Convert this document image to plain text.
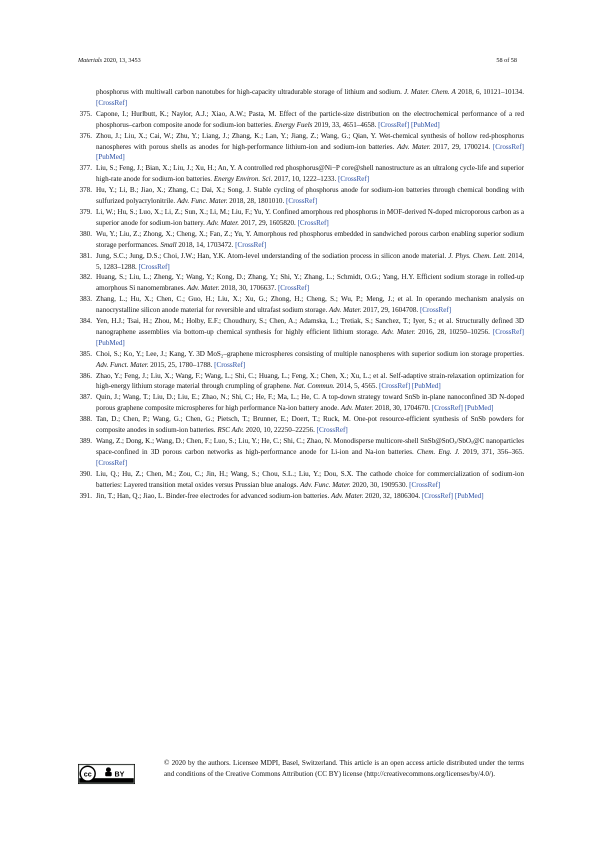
Materials 2020, 13, 3453	58 of 58
phosphorus with multiwall carbon nanotubes for high-capacity ultradurable storage of lithium and sodium. J. Mater. Chem. A 2018, 6, 10121–10134. [CrossRef]
375. Capone, I.; Hurlbutt, K.; Naylor, A.J.; Xiao, A.W.; Pasta, M. Effect of the particle-size distribution on the electrochemical performance of a red phosphorus–carbon composite anode for sodium-ion batteries. Energy Fuels 2019, 33, 4651–4658. [CrossRef] [PubMed]
376. Zhou, J.; Liu, X.; Cai, W.; Zhu, Y.; Liang, J.; Zhang, K.; Lan, Y.; Jiang, Z.; Wang, G.; Qian, Y. Wet-chemical synthesis of hollow red-phosphorus nanospheres with porous shells as anodes for high-performance lithium-ion and sodium-ion batteries. Adv. Mater. 2017, 29, 1700214. [CrossRef] [PubMed]
377. Liu, S.; Feng, J.; Bian, X.; Liu, J.; Xu, H.; An, Y. A controlled red phosphorus@Ni−P core@shell nanostructure as an ultralong cycle-life and superior high-rate anode for sodium-ion batteries. Energy Environ. Sci. 2017, 10, 1222–1233. [CrossRef]
378. Hu, Y.; Li, B.; Jiao, X.; Zhang, C.; Dai, X.; Song, J. Stable cycling of phosphorus anode for sodium-ion batteries through chemical bonding with sulfurized polyacrylonitrile. Adv. Func. Mater. 2018, 28, 1801010. [CrossRef]
379. Li, W.; Hu, S.; Luo, X.; Li, Z.; Sun, X.; Li, M.; Liu, F.; Yu, Y. Confined amorphous red phosphorus in MOF-derived N-doped microporous carbon as a superior anode for sodium-ion battery. Adv. Mater. 2017, 29, 1605820. [CrossRef]
380. Wu, Y.; Liu, Z.; Zhong, X.; Cheng, X.; Fan, Z.; Yu, Y. Amorphous red phosphorus embedded in sandwiched porous carbon enabling superior sodium storage performances. Small 2018, 14, 1703472. [CrossRef]
381. Jung, S.C.; Jung, D.S.; Choi, J.W.; Han, Y.K. Atom-level understanding of the sodiation process in silicon anode material. J. Phys. Chem. Lett. 2014, 5, 1283–1288. [CrossRef]
382. Huang, S.; Liu, L.; Zheng, Y.; Wang, Y.; Kong, D.; Zhang, Y.; Shi, Y.; Zhang, L.; Schmidt, O.G.; Yang, H.Y. Efficient sodium storage in rolled-up amorphous Si nanomembranes. Adv. Mater. 2018, 30, 1706637. [CrossRef]
383. Zhang, L.; Hu, X.; Chen, C.; Guo, H.; Liu, X.; Xu, G.; Zhong, H.; Cheng, S.; Wu, P.; Meng, J.; et al. In operando mechanism analysis on nanocrystalline silicon anode material for reversible and ultrafast sodium storage. Adv. Mater. 2017, 29, 1604708. [CrossRef]
384. Yen, H.J.; Tsai, H.; Zhou, M.; Holby, E.F.; Choudhury, S.; Chen, A.; Adamska, L.; Tretiak, S.; Sanchez, T.; Iyer, S.; et al. Structurally defined 3D nanographene assemblies via bottom-up chemical synthesis for highly efficient lithium storage. Adv. Mater. 2016, 28, 10250–10256. [CrossRef] [PubMed]
385. Choi, S.; Ko, Y.; Lee, J.; Kang, Y. 3D MoS₂–graphene microspheres consisting of multiple nanospheres with superior sodium ion storage properties. Adv. Funct. Mater. 2015, 25, 1780–1788. [CrossRef]
386. Zhao, Y.; Feng, J.; Liu, X.; Wang, F.; Wang, L.; Shi, C.; Huang, L.; Feng, X.; Chen, X.; Xu, L.; et al. Self-adaptive strain-relaxation optimization for high-energy lithium storage material through crumpling of graphene. Nat. Commun. 2014, 5, 4565. [CrossRef] [PubMed]
387. Quin, J.; Wang, T.; Liu, D.; Liu, E.; Zhao, N.; Shi, C.; He, F.; Ma, L.; He, C. A top-down strategy toward SnSb in-plane nanoconfined 3D N-doped porous graphene composite microspheres for high performance Na-ion battery anode. Adv. Mater. 2018, 30, 1704670. [CrossRef] [PubMed]
388. Tan, D.; Chen, P.; Wang, G.; Chen, G.; Pietsch, T.; Brunner, E.; Doert, T.; Ruck, M. One-pot resource-efficient synthesis of SnSb powders for composite anodes in sodium-ion batteries. RSC Adv. 2020, 10, 22250–22256. [CrossRef]
389. Wang, Z.; Dong, K.; Wang, D.; Chen, F.; Luo, S.; Liu, Y.; He, C.; Shi, C.; Zhao, N. Monodisperse multicore-shell SnSb@SnOₓ/SbOₓ@C nanoparticles space-confined in 3D porous carbon networks as high-performance anode for Li-ion and Na-ion batteries. Chem. Eng. J. 2019, 371, 356–365. [CrossRef]
390. Liu, Q.; Hu, Z.; Chen, M.; Zou, C.; Jin, H.; Wang, S.; Chou, S.L.; Liu, Y.; Dou, S.X. The cathode choice for commercialization of sodium-ion batteries: Layered transition metal oxides versus Prussian blue analogs. Adv. Func. Mater. 2020, 30, 1909530. [CrossRef]
391. Jin, T.; Han, Q.; Jiao, L. Binder-free electrodes for advanced sodium-ion batteries. Adv. Mater. 2020, 32, 1806304. [CrossRef] [PubMed]
cc BY
© 2020 by the authors. Licensee MDPI, Basel, Switzerland. This article is an open access article distributed under the terms and conditions of the Creative Commons Attribution (CC BY) license (http://creativecommons.org/licenses/by/4.0/).
